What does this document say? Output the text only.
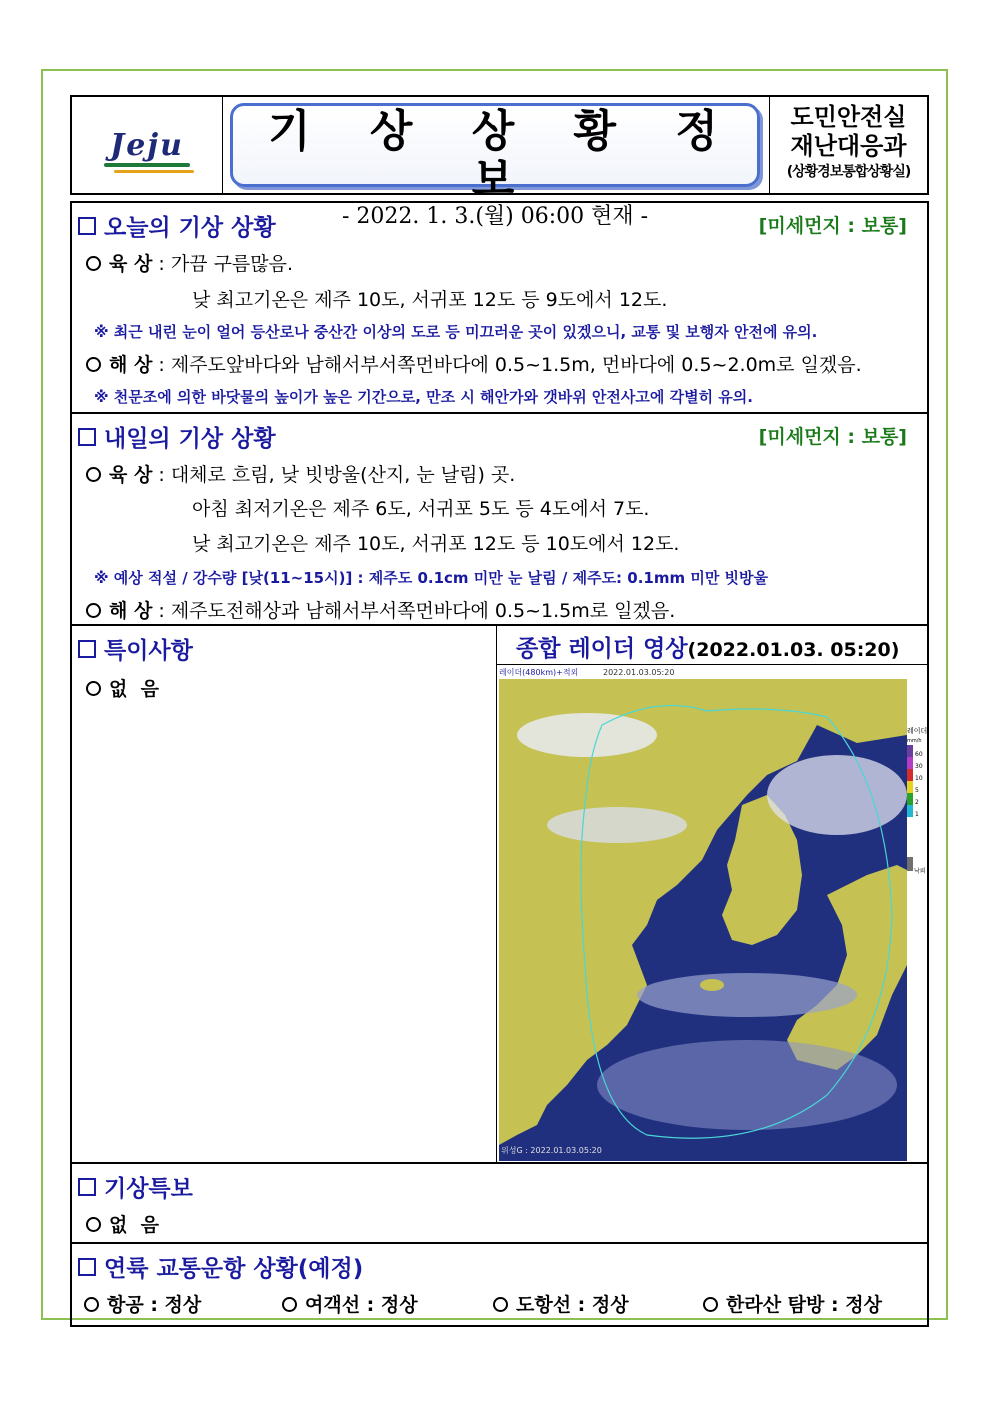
Jeju	기 상 상 황 정 보
- 2022. 1. 3.(월) 06:00 현재 -
도민안전실
재난대응과
(상황경보통합상황실)
오늘의 기상 상황	[미세먼지 : 보통]
육 상 : 가끔 구름많음.
낮 최고기온은 제주 10도, 서귀포 12도 등 9도에서 12도.
※ 최근 내린 눈이 얼어 등산로나 중산간 이상의 도로 등 미끄러운 곳이 있겠으니, 교통 및 보행자 안전에 유의.
해 상 : 제주도앞바다와 남해서부서쪽먼바다에 0.5~1.5m, 먼바다에 0.5~2.0m로 일겠음.
※ 천문조에 의한 바닷물의 높이가 높은 기간으로, 만조 시 해안가와 갯바위 안전사고에 각별히 유의.
내일의 기상 상황	[미세먼지 : 보통]
육 상 : 대체로 흐림, 낮 빗방울(산지, 눈 날림) 곳.
아침 최저기온은 제주 6도, 서귀포 5도 등 4도에서 7도.
낮 최고기온은 제주 10도, 서귀포 12도 등 10도에서 12도.
※ 예상 적설 / 강수량 [낮(11~15시)] : 제주도 0.1cm 미만 눈 날림 / 제주도: 0.1mm 미만 빗방울
해 상 : 제주도전해상과 남해서부서쪽먼바다에 0.5~1.5m로 일겠음.
특이사항
없  음
종합 레이더 영상(2022.01.03. 05:20)
레이더
mm/h
60
30
10
5
2
1
낙뢰
레이더(480km)+적외	2022.01.03.05:20
위성G : 2022.01.03.05:20
기상특보
없  음
연륙 교통운항 상황(예정)
항공 : 정상	여객선 : 정상	도항선 : 정상	한라산 탐방 : 정상
